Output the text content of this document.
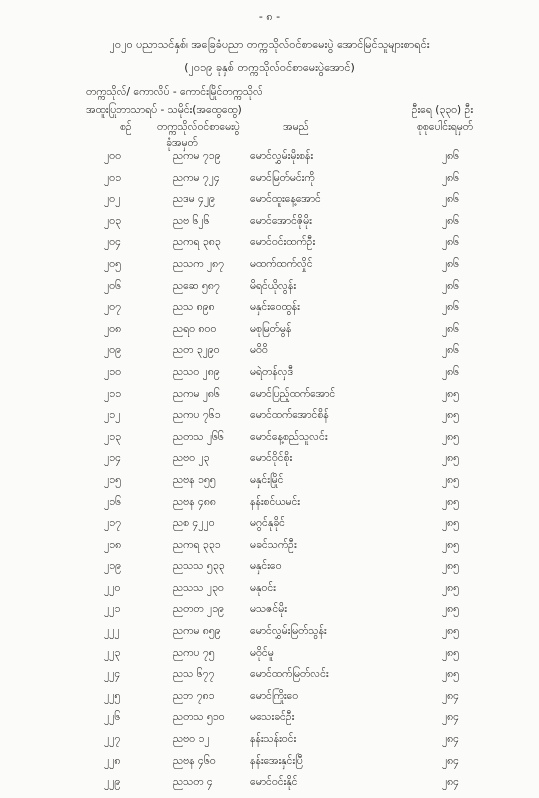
- ၈ -
၂၀၂၀ ပညာသင်နှစ်၊ အခြေခံပညာ တက္ကသိုလ်ဝင်စာမေးပွဲ အောင်မြင်သူများစာရင်း
(၂၀၁၉ ခုနှစ် တက္ကသိုလ်ဝင်စာမေးပွဲအောင်)
တက္ကသိုလ်/ ကောလိပ် - ကောင်းမြိုင်တက္ကသိုလ်
အထူးပြုဘာသာရပ် - သမိုင်း(အထွေထွေ)	ဦးရေ (၃၃၀) ဦး
စဉ် တက္ကသိုလ်ဝင်စာမေးပွဲ
ခုံအမှတ်
အမည်	စုစုပေါင်းရမှတ်
၂၀၀	ညကမ ၇၁၉	မောင်လွှမ်းမိုးစန်း	၂၈၆
၂၀၁	ညကမ ၇၂၄	မောင်မြတ်မင်းကို	၂၈၆
၂၀၂	ညဒမ ၄၂၉	မောင်ထူးနေ့အောင်	၂၈၆
၂၀၃	ညဗ ၆၂၆	မောင်အောင်ဇိုမိုး	၂၈၆
၂၀၄	ညကရ ၃၈၃	မောင်ဝင်းထက်ဦး	၂၈၆
၂၀၅	ညသက ၂၈၇ မထက်ထက်လှိုင်	၂၈၆
၂၀၆	ညဆေ ၅၈၇	မိရင်ယိုလွန်း	၂၈၆
၂၀၇	ညသ ၈၉၈	မနှင်းဝေထွန်း	၂၈၆
၂၀၈	ညရ၀ ၈၀၀	မစုမြတ်မွန်	၂၈၆
၂၀၉	ညတ ၃၂၉၀	မဝိဝိ	၂၈၆
၂၁၀	ညသ၀ ၂၈၉	မရဲတန်လှဒီ	၂၈၆
၂၁၁	ညကမ ၂၈၆	မောင်ပြည့်ထက်အောင်	၂၈၅
၂၁၂	ညကပ ၇၆၁	မောင်ထက်အောင်စိန်	၂၈၅
၂၁၃	ညတသ ၂၆၆ မောင်နေ့စည်သူလင်း	၂၈၅
၂၁၄	ညဗ၀ ၂၃	မောင်ဝိုင်စိုး	၂၈၅
၂၁၅	ညဗန ၁၅၅	မနှင်းမြိုင်	၂၈၅
၂၁၆	ညဗန ၄၈၈	နန်းစင်ယမင်း	၂၈၅
၂၁၇	ညစ ၄၂၂၀	မဂွင်နုခိုင်	၂၈၅
၂၁၈	ညကရ ၃၃၁	မခင်သက်ဦး	၂၈၅
၂၁၉	ညသသ ၅၃၃ မနှင်းဝေ	၂၈၅
၂၂၀	ညသသ ၂၃၀ မနုဝင်း	၂၈၅
၂၂၁	ညတတ ၂၁၉ မသဇင်မိုး	၂၈၅
၂၂၂	ညကမ ၈၅၉	မောင်လွှမ်းမြတ်သွန်း	၂၈၅
၂၂၃	ညကပ ၇၅	မဝိုင်မူ	၂၈၅
၂၂၄	ညသ ၆၇၇	မောင်ထက်မြတ်လင်း	၂၈၅
၂၂၅	ညဘ ၇၈၁	မောင်ကြိုးဝေ	၂၈၄
၂၂၆	ညတသ ၅၁၀ မသေးခင်ဦး	၂၈၄
၂၂၇	ညဗ၀ ၁၂	နန်းသန်းဝင်း	၂၈၄
၂၂၈	ညဗန ၄၆၀	နန်းအေးနှင်းပြီ	၂၈၄
၂၂၉	ညသတ ၄	မောင်ဝင်းနိုင်	၂၈၄
